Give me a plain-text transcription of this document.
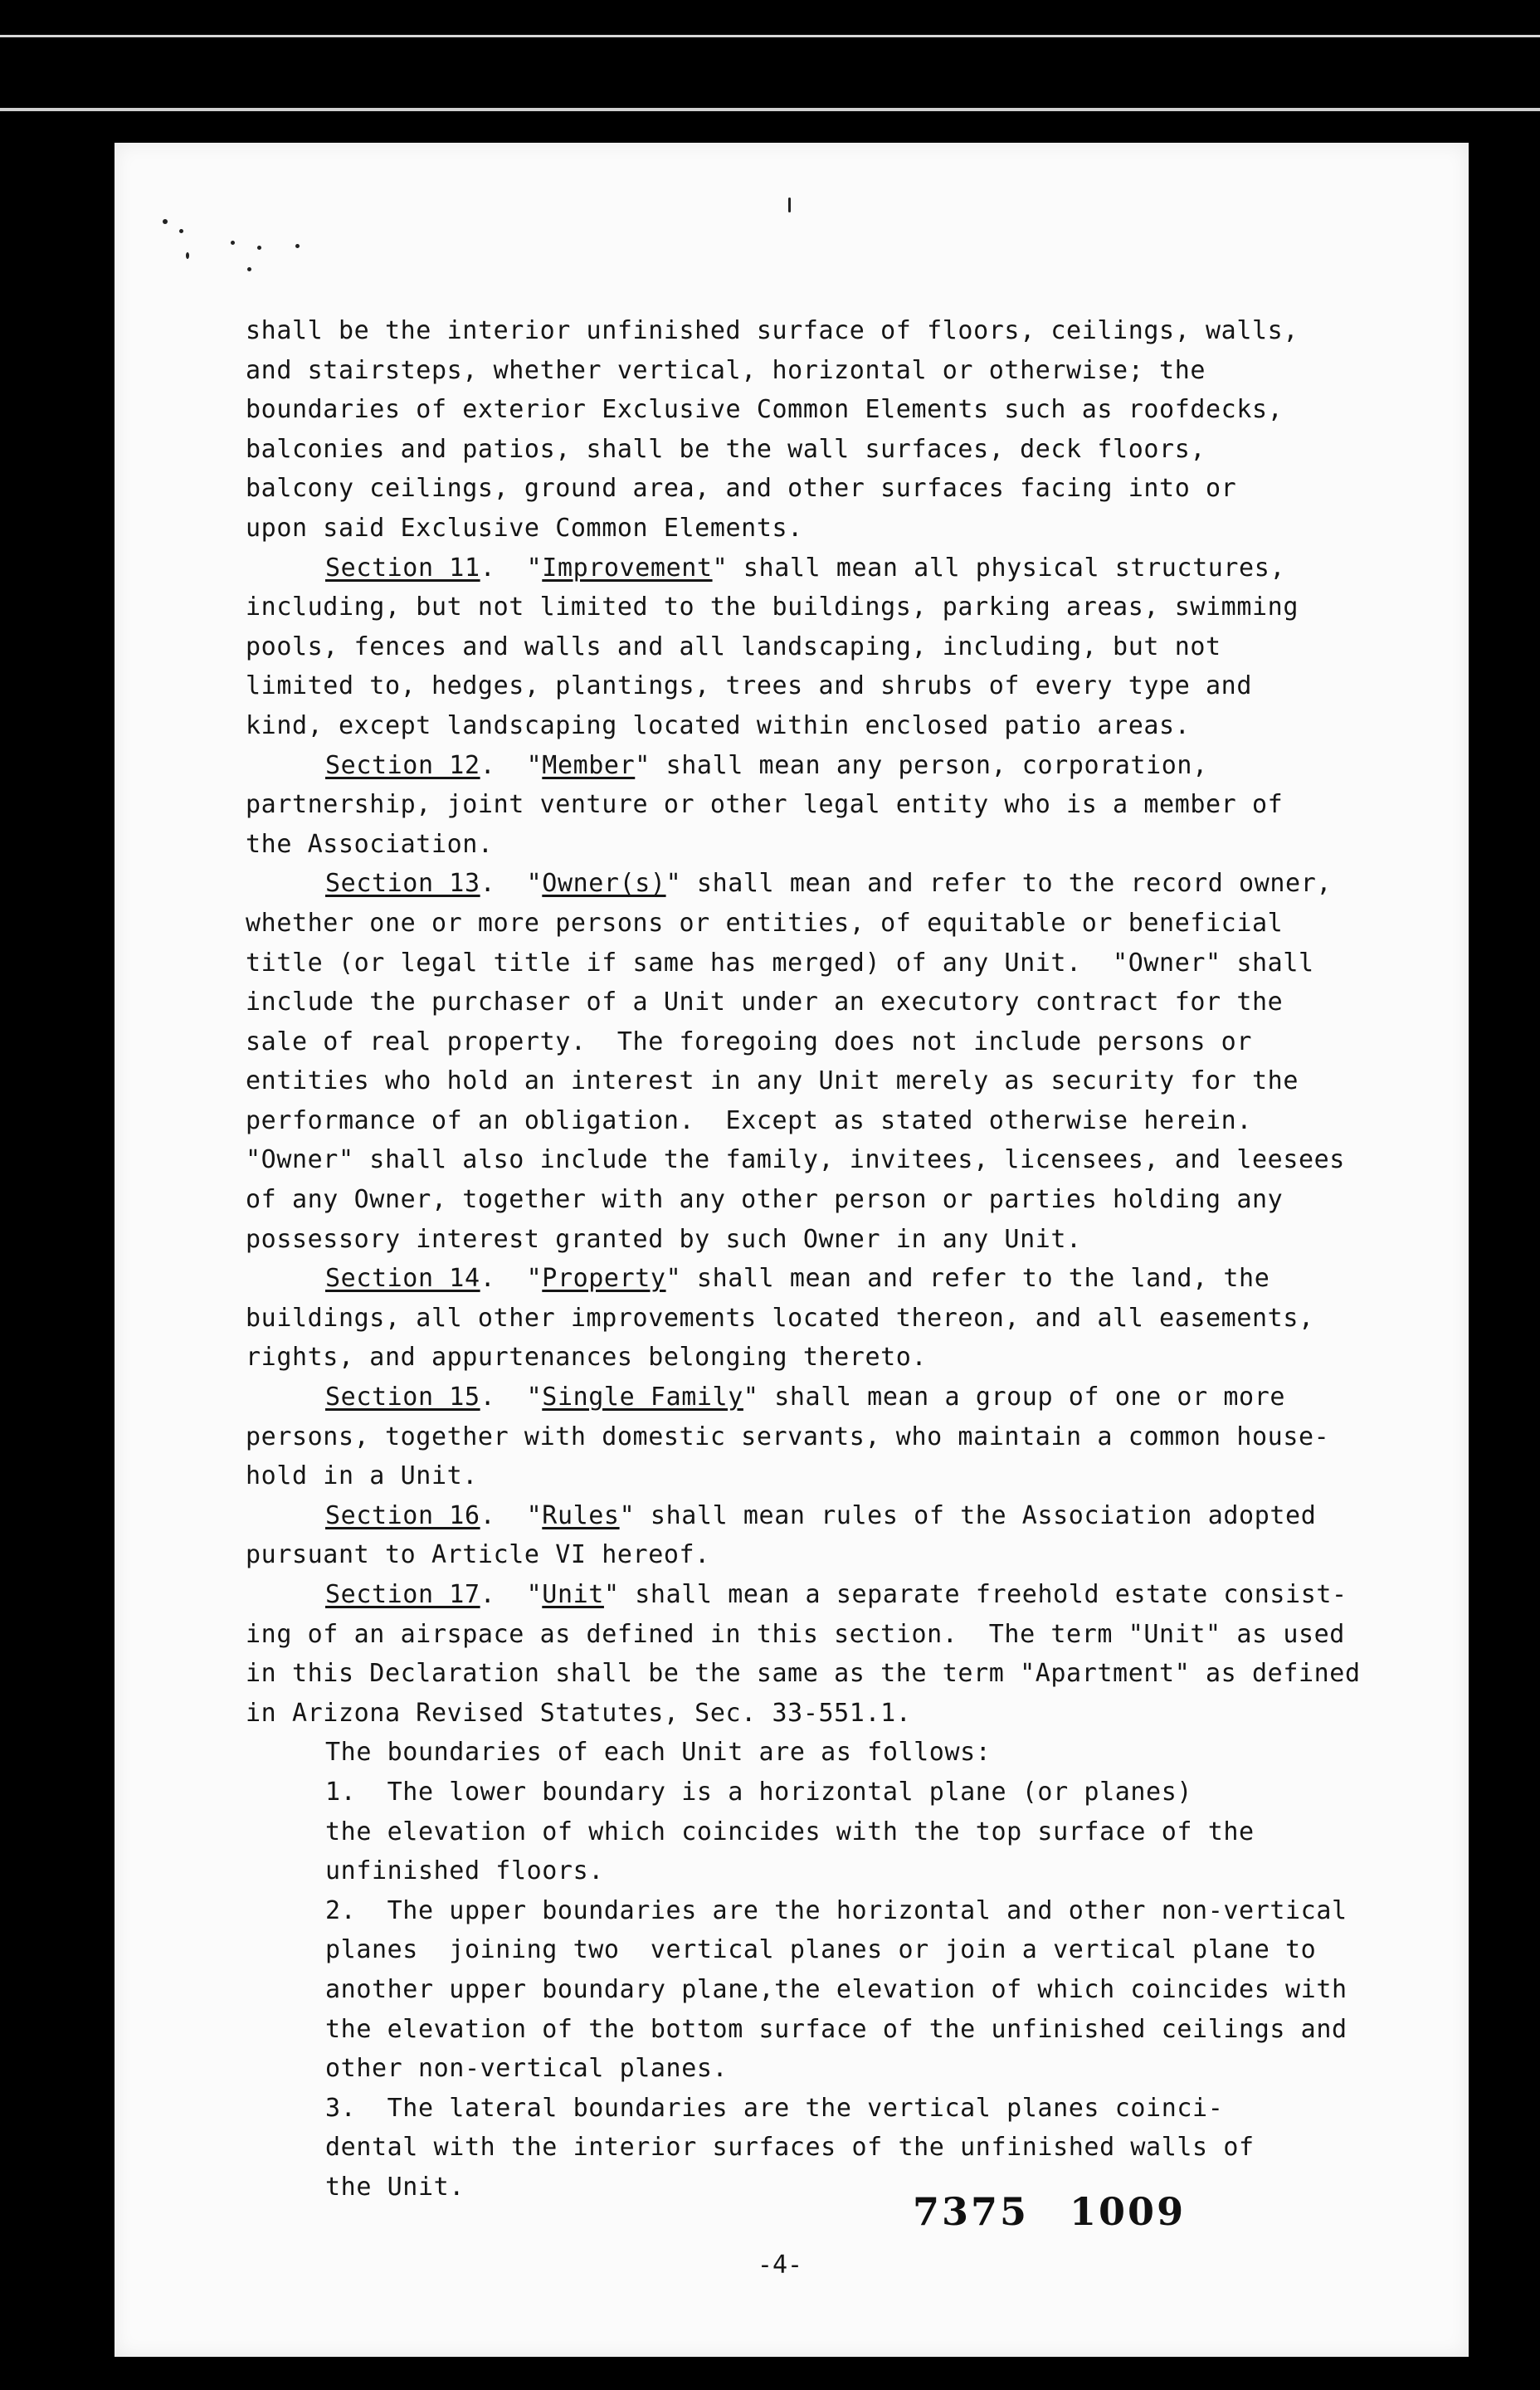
shall be the interior unfinished surface of floors, ceilings, walls,
and stairsteps, whether vertical, horizontal or otherwise; the
boundaries of exterior Exclusive Common Elements such as roofdecks,
balconies and patios, shall be the wall surfaces, deck floors,
balcony ceilings, ground area, and other surfaces facing into or
upon said Exclusive Common Elements.
Section 11.  "Improvement" shall mean all physical structures,
including, but not limited to the buildings, parking areas, swimming
pools, fences and walls and all landscaping, including, but not
limited to, hedges, plantings, trees and shrubs of every type and
kind, except landscaping located within enclosed patio areas.
Section 12.  "Member" shall mean any person, corporation,
partnership, joint venture or other legal entity who is a member of
the Association.
Section 13.  "Owner(s)" shall mean and refer to the record owner,
whether one or more persons or entities, of equitable or beneficial
title (or legal title if same has merged) of any Unit.  "Owner" shall
include the purchaser of a Unit under an executory contract for the
sale of real property.  The foregoing does not include persons or
entities who hold an interest in any Unit merely as security for the
performance of an obligation.  Except as stated otherwise herein.
"Owner" shall also include the family, invitees, licensees, and leesees
of any Owner, together with any other person or parties holding any
possessory interest granted by such Owner in any Unit.
Section 14.  "Property" shall mean and refer to the land, the
buildings, all other improvements located thereon, and all easements,
rights, and appurtenances belonging thereto.
Section 15.  "Single Family" shall mean a group of one or more
persons, together with domestic servants, who maintain a common house-
hold in a Unit.
Section 16.  "Rules" shall mean rules of the Association adopted
pursuant to Article VI hereof.
Section 17.  "Unit" shall mean a separate freehold estate consist-
ing of an airspace as defined in this section.  The term "Unit" as used
in this Declaration shall be the same as the term "Apartment" as defined
in Arizona Revised Statutes, Sec. 33-551.1.
The boundaries of each Unit are as follows:
1.  The lower boundary is a horizontal plane (or planes)
the elevation of which coincides with the top surface of the
unfinished floors.
2.  The upper boundaries are the horizontal and other non-vertical
planes  joining two  vertical planes or join a vertical plane to
another upper boundary plane,the elevation of which coincides with
the elevation of the bottom surface of the unfinished ceilings and
other non-vertical planes.
3.  The lateral boundaries are the vertical planes coinci-
dental with the interior surfaces of the unfinished walls of
the Unit.
7375 1009
-4-
